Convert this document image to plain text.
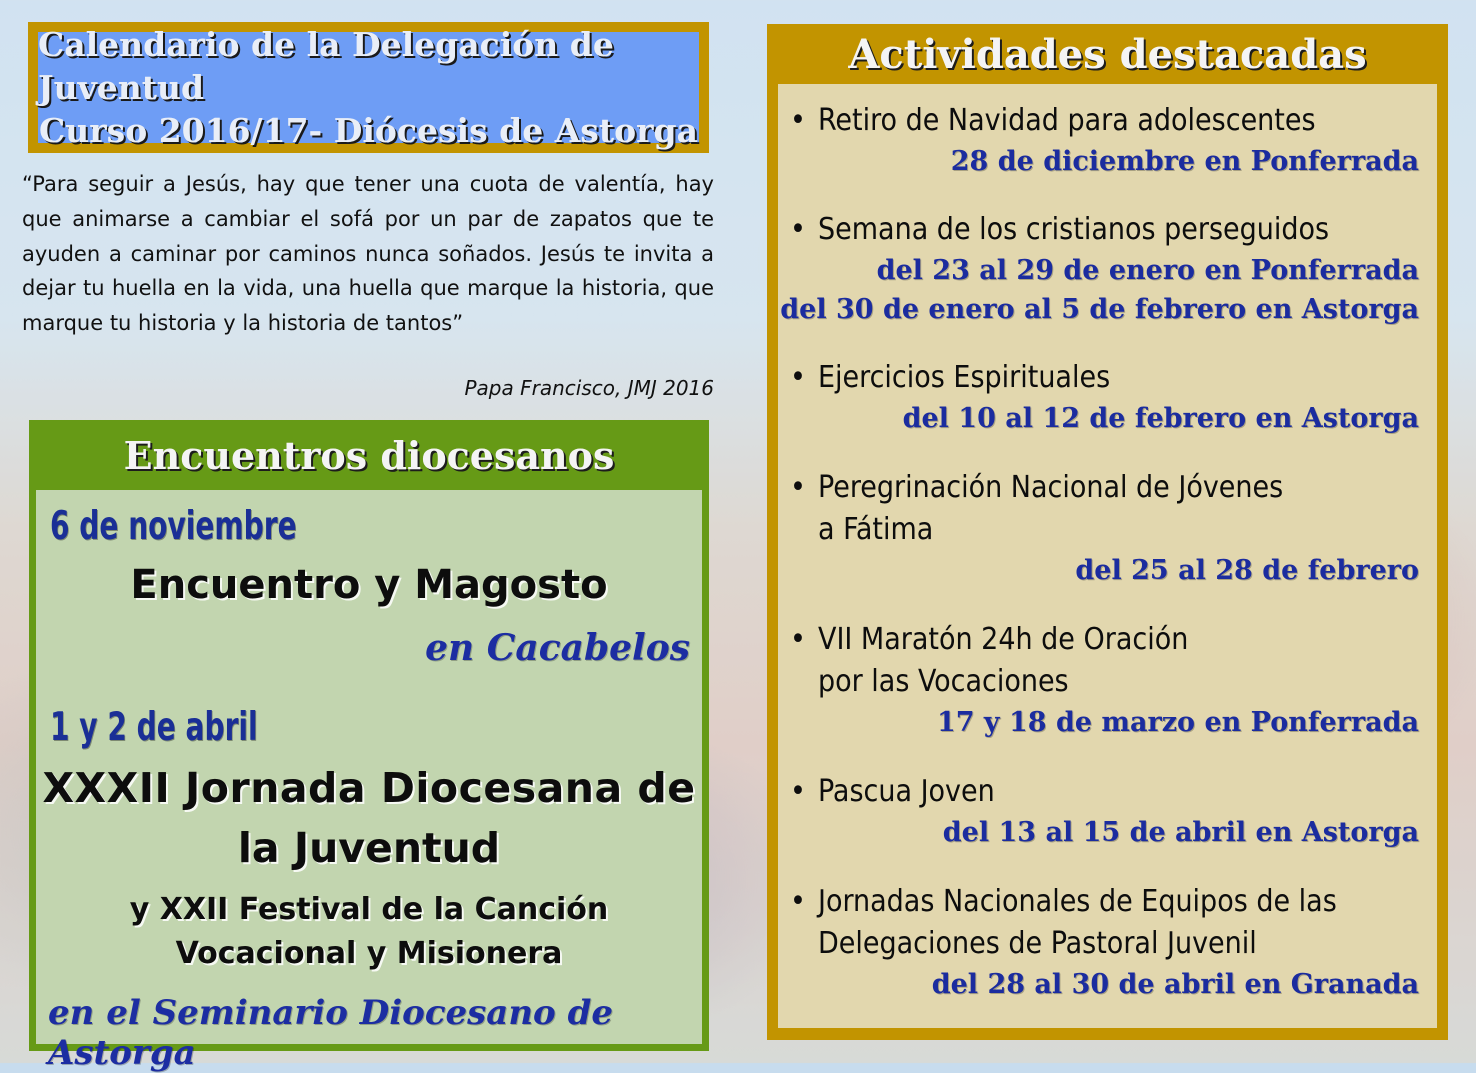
Calendario de la Delegación de Juventud
Curso 2016/17- Diócesis de Astorga
“Para seguir a Jesús, hay que tener una cuota de valentía, hay que animarse a cambiar el sofá por un par de zapatos que te ayuden a caminar por caminos nunca soñados. Jesús te invita a dejar tu huella en la vida, una huella que marque la historia, que marque tu historia y la historia de tantos”
Papa Francisco, JMJ 2016
Encuentros diocesanos
6 de noviembre
Encuentro y Magosto
en Cacabelos
1 y 2 de abril
XXXII Jornada Diocesana de
la Juventud
y XXII Festival de la Canción
Vocacional y Misionera
en el Seminario Diocesano de Astorga
Actividades destacadas
• Retiro de Navidad para adolescentes
28 de diciembre en Ponferrada
• Semana de los cristianos perseguidos
del 23 al 29 de enero en Ponferrada
del 30 de enero al 5 de febrero en Astorga
• Ejercicios Espirituales
del 10 al 12 de febrero en Astorga
• Peregrinación Nacional de Jóvenes
a Fátima
del 25 al 28 de febrero
• VII Maratón 24h de Oración
por las Vocaciones
17 y 18 de marzo en Ponferrada
• Pascua Joven
del 13 al 15 de abril en Astorga
• Jornadas Nacionales de Equipos de las
Delegaciones de Pastoral Juvenil
del 28 al 30 de abril en Granada
